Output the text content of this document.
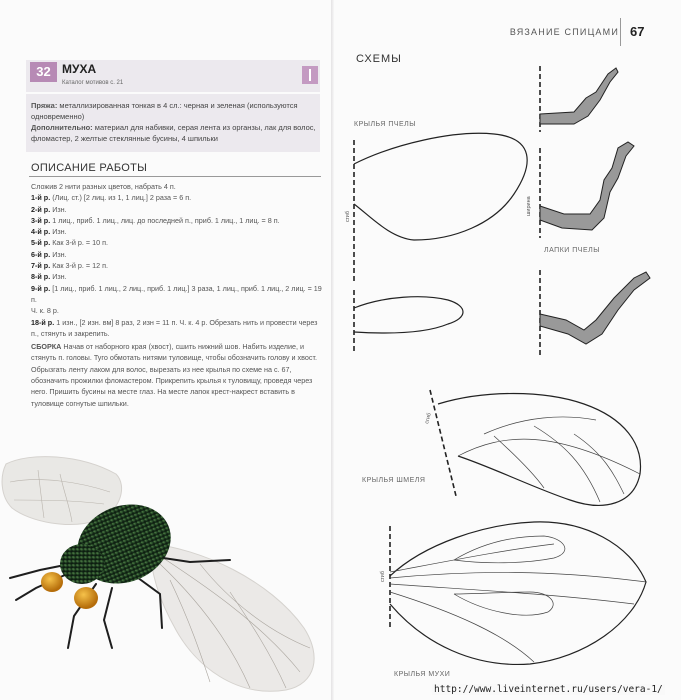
ВЯЗАНИЕ СПИЦАМИ 67
32 МУХА
Каталог мотивов с. 21
Пряжа: металлизированная тонкая в 4 сл.: черная и зеленая (используются одновременно)
Дополнительно: материал для набивки, серая лента из органзы, лак для волос, фломастер, 2 желтые стеклянные бусины, 4 шпильки
ОПИСАНИЕ РАБОТЫ
Сложив 2 нити разных цветов, набрать 4 п.
1-й р. (Лиц. ст.) [2 лиц. из 1, 1 лиц.] 2 раза = 6 п.
2-й р. Изн.
3-й р. 1 лиц., приб. 1 лиц., лиц. до последней п., приб. 1 лиц., 1 лиц. = 8 п.
4-й р. Изн.
5-й р. Как 3-й р. = 10 п.
6-й р. Изн.
7-й р. Как 3-й р. = 12 п.
8-й р. Изн.
9-й р. [1 лиц., приб. 1 лиц., 2 лиц., приб. 1 лиц.] 3 раза, 1 лиц., приб. 1 лиц., 2 лиц. = 19 п.
Ч. к. 8 р.
18-й р. 1 изн., [2 изн. вм] 8 раз, 2 изн = 11 п. Ч. к. 4 р. Обрезать нить и провести через п., стянуть и закрепить.
СБОРКА Начав от наборного края (хвост), сшить нижний шов. Набить изделие, и стянуть п. головы. Туго обмотать нитями туловище, чтобы обозначить голову и хвост. Обрызгать ленту лаком для волос, вырезать из нее крылья по схеме на с. 67, обозначить прожилки фломастером. Прикрепить крылья к туловищу, проведя через него. Пришить бусины на месте глаз. На месте лапок крест-накрест вставить в туловище согнутые шпильки.
СХЕМЫ
КРЫЛЬЯ ПЧЕЛЫ
сгиб
ширина
ЛАПКИ ПЧЕЛЫ
сгиб
КРЫЛЬЯ ШМЕЛЯ
сгиб
КРЫЛЬЯ МУХИ
http://www.liveinternet.ru/users/vera-1/
